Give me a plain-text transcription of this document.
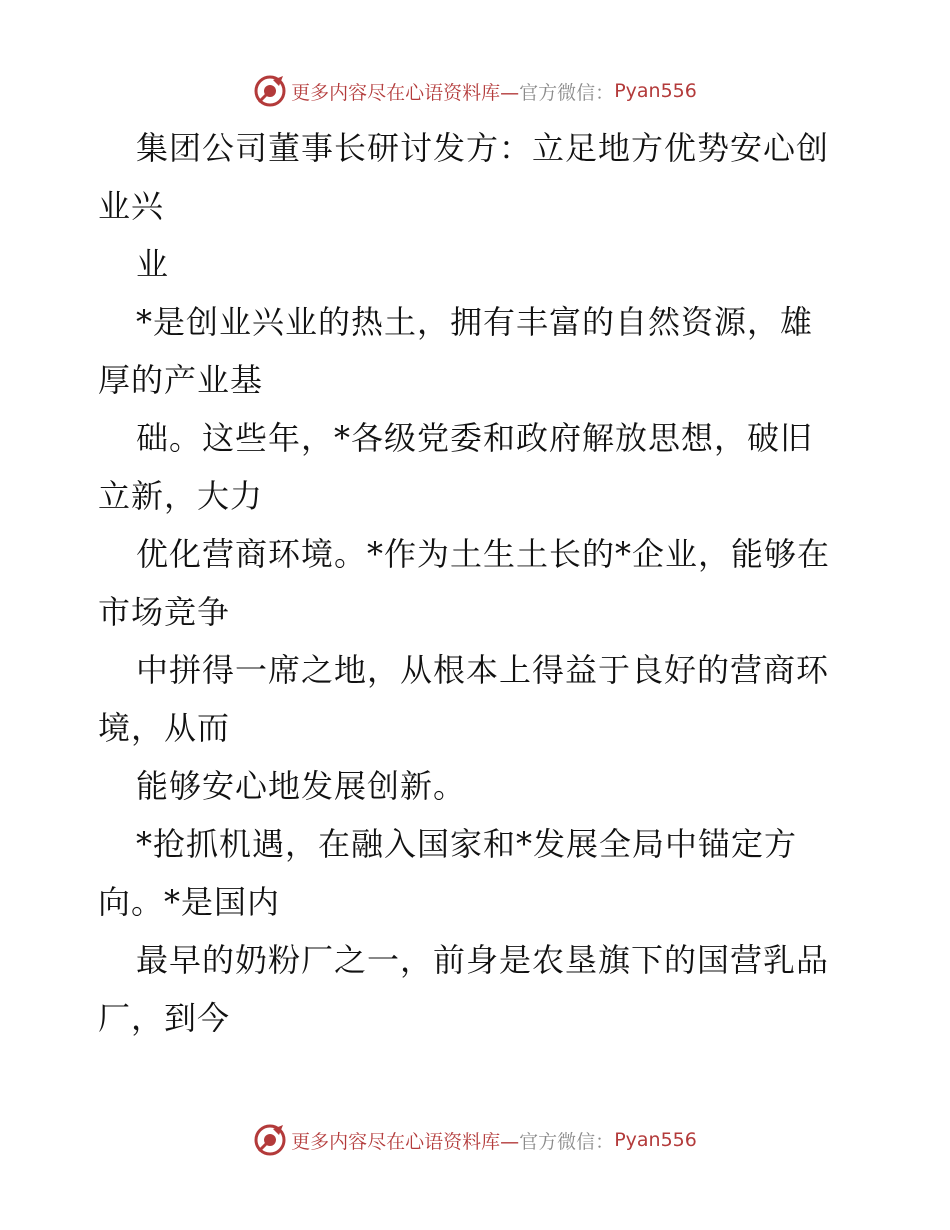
更多内容尽在心语资料库— 官方微信： Pyan556
集团公司董事长研讨发方：立足地方优势安心创
业兴
业
*是创业兴业的热土，拥有丰富的自然资源，雄
厚的产业基
础。这些年，*各级党委和政府解放思想，破旧
立新，大力
优化营商环境。*作为土生土长的*企业，能够在
市场竞争
中拼得一席之地，从根本上得益于良好的营商环
境，从而
能够安心地发展创新。
*抢抓机遇，在融入国家和*发展全局中锚定方
向。*是国内
最早的奶粉厂之一，前身是农垦旗下的国营乳品
厂，到今
更多内容尽在心语资料库— 官方微信： Pyan556
